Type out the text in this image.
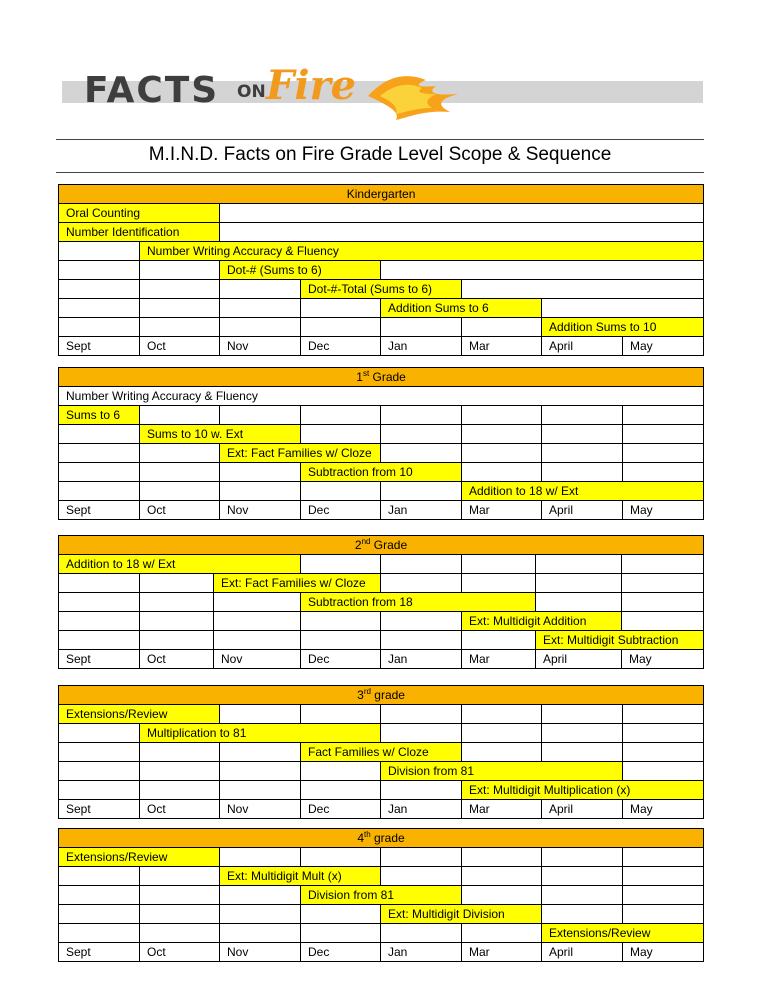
FACTS ON Fire
M.I.N.D. Facts on Fire Grade Level Scope & Sequence
Kindergarten							
Oral Counting							
Number Identification							
	Number Writing Accuracy & Fluency						
		Dot-# (Sums to 6)					
			Dot-#-Total (Sums to 6)				
				Addition Sums to 6			
						Addition Sums to 10	
Sept	Oct	Nov	Dec	Jan	Mar	April	May
1st Grade							
Number Writing Accuracy & Fluency							
Sums to 6							
	Sums to 10 w. Ext						
		Ext: Fact Families w/ Cloze					
			Subtraction from 10				
					Addition to 18 w/ Ext		
Sept	Oct	Nov	Dec	Jan	Mar	April	May
2nd Grade							
Addition to 18 w/ Ext							
		Ext: Fact Families w/ Cloze					
			Subtraction from 18				
					Ext: Multidigit Addition		
						Ext: Multidigit Subtraction	
Sept	Oct	Nov	Dec	Jan	Mar	April	May
3rd grade							
Extensions/Review							
	Multiplication to 81						
			Fact Families w/ Cloze				
				Division from 81			
					Ext: Multidigit Multiplication (x)		
Sept	Oct	Nov	Dec	Jan	Mar	April	May
4th grade							
Extensions/Review							
		Ext: Multidigit Mult (x)					
			Division from 81				
				Ext: Multidigit Division			
						Extensions/Review	
Sept	Oct	Nov	Dec	Jan	Mar	April	May
